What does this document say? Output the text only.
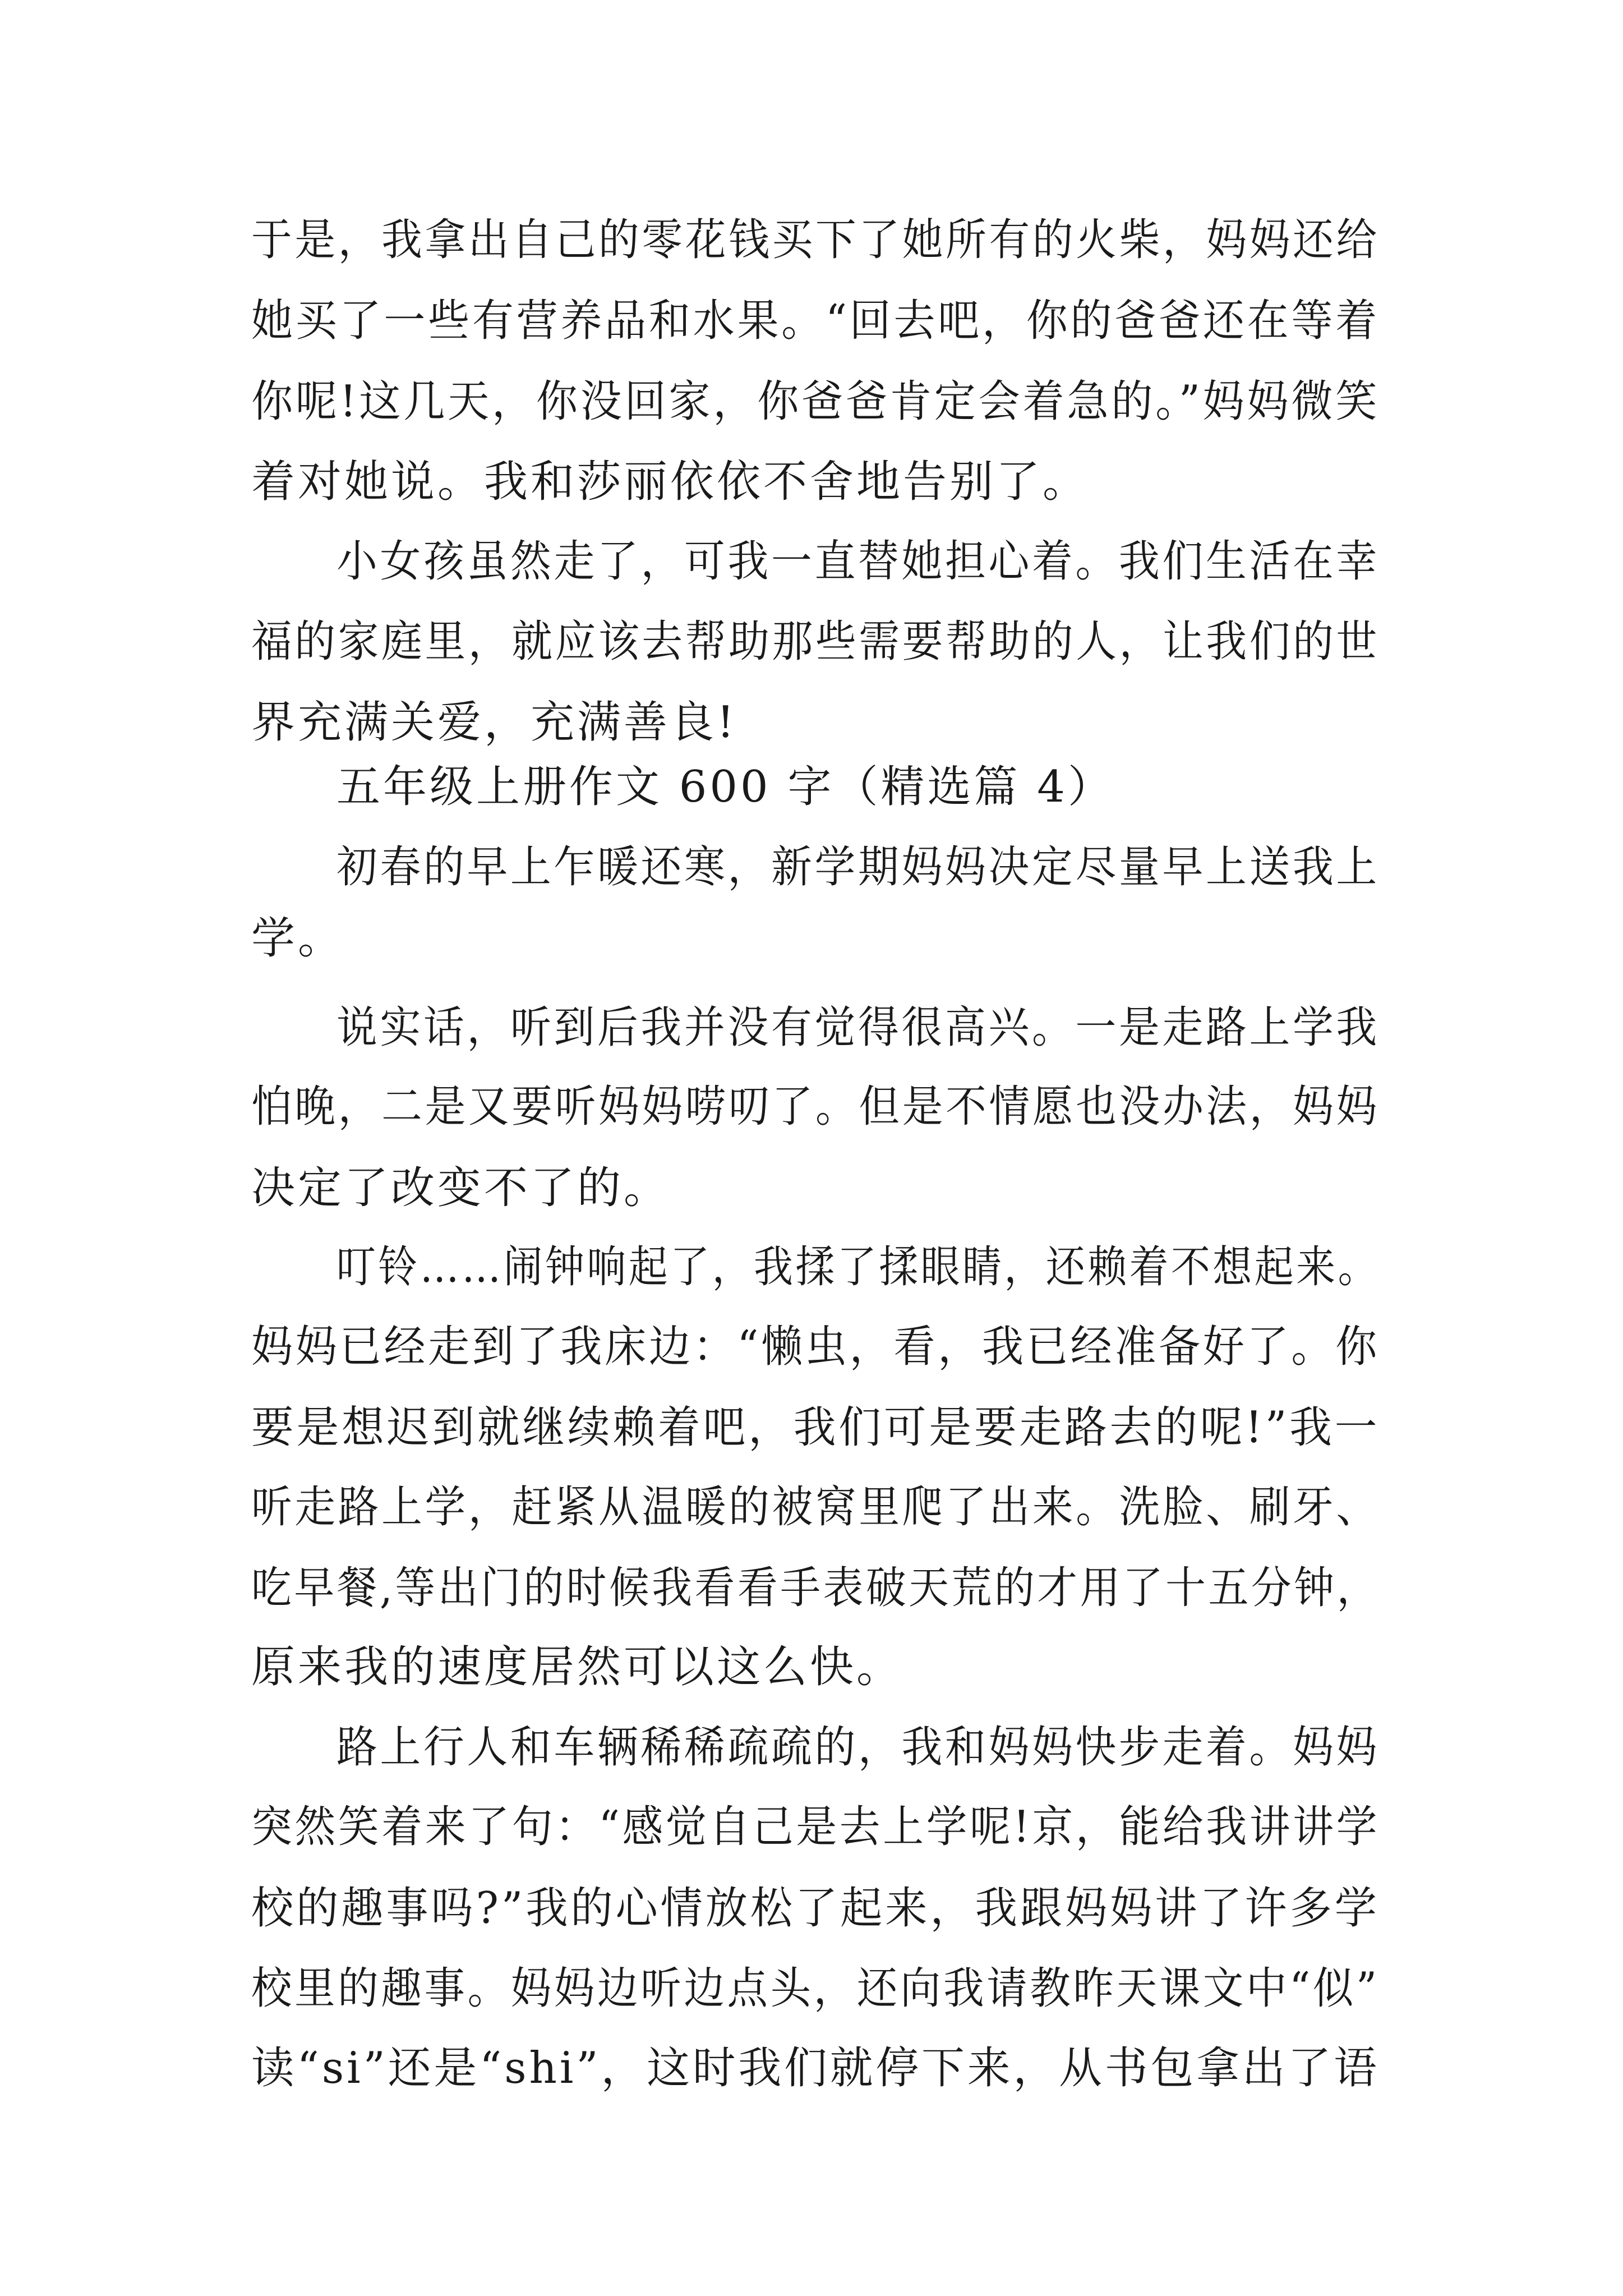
于是，我拿出自己的零花钱买下了她所有的火柴，妈妈还给

她买了一些有营养品和水果。“回去吧，你的爸爸还在等着

你呢!这几天，你没回家，你爸爸肯定会着急的。”妈妈微笑

着对她说。我和莎丽依依不舍地告别了。

小女孩虽然走了，可我一直替她担心着。我们生活在幸

福的家庭里，就应该去帮助那些需要帮助的人，让我们的世

界充满关爱，充满善良!

五年级上册作文 600 字（精选篇 4）

初春的早上乍暖还寒，新学期妈妈决定尽量早上送我上

学。

说实话，听到后我并没有觉得很高兴。一是走路上学我

怕晚，二是又要听妈妈唠叨了。但是不情愿也没办法，妈妈

决定了改变不了的。

叮铃……闹钟响起了，我揉了揉眼睛，还赖着不想起来。

妈妈已经走到了我床边：“懒虫，看，我已经准备好了。你

要是想迟到就继续赖着吧，我们可是要走路去的呢!”我一

听走路上学，赶紧从温暖的被窝里爬了出来。洗脸、刷牙、

吃早餐,等出门的时候我看看手表破天荒的才用了十五分钟，

原来我的速度居然可以这么快。

路上行人和车辆稀稀疏疏的，我和妈妈快步走着。妈妈

突然笑着来了句：“感觉自己是去上学呢!京，能给我讲讲学

校的趣事吗?”我的心情放松了起来，我跟妈妈讲了许多学

校里的趣事。妈妈边听边点头，还向我请教昨天课文中“似”

读“si”还是“shi”，这时我们就停下来，从书包拿出了语
